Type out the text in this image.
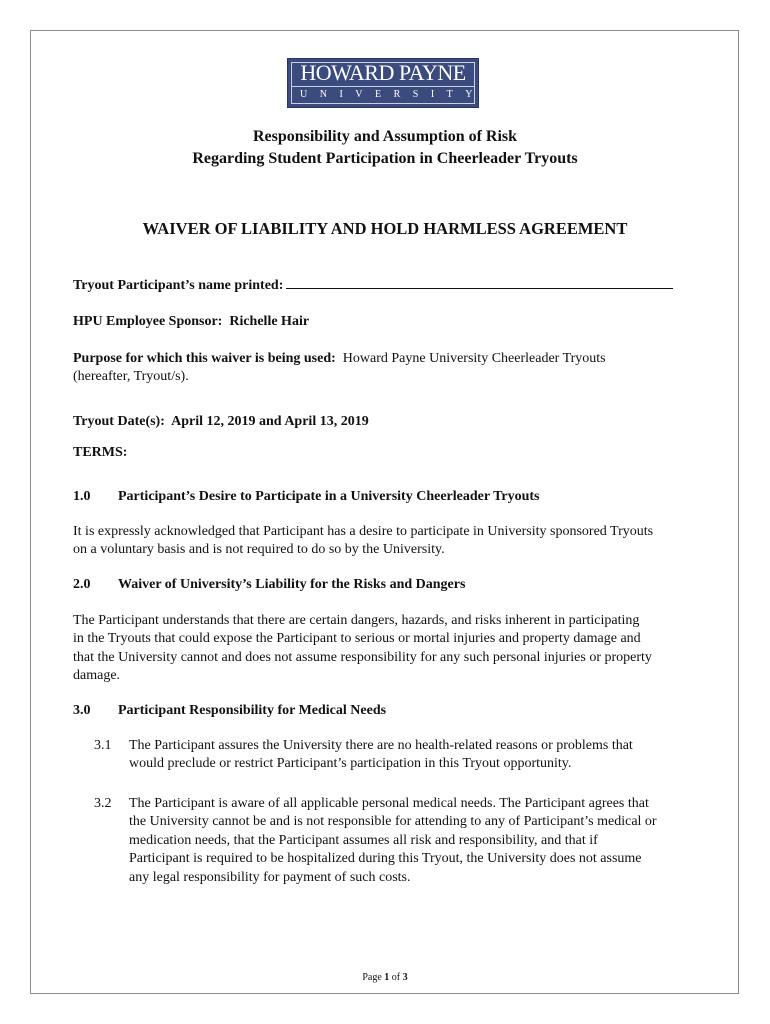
HOWARD PAYNE
UNIVERSITY
Responsibility and Assumption of Risk
Regarding Student Participation in Cheerleader Tryouts
WAIVER OF LIABILITY AND HOLD HARMLESS AGREEMENT
Tryout Participant’s name printed:
HPU Employee Sponsor: Richelle Hair
Purpose for which this waiver is being used: Howard Payne University Cheerleader Tryouts
(hereafter, Tryout/s).
Tryout Date(s): April 12, 2019 and April 13, 2019
TERMS:
1.0 Participant’s Desire to Participate in a University Cheerleader Tryouts
It is expressly acknowledged that Participant has a desire to participate in University sponsored Tryouts
on a voluntary basis and is not required to do so by the University.
2.0 Waiver of University’s Liability for the Risks and Dangers
The Participant understands that there are certain dangers, hazards, and risks inherent in participating
in the Tryouts that could expose the Participant to serious or mortal injuries and property damage and
that the University cannot and does not assume responsibility for any such personal injuries or property
damage.
3.0 Participant Responsibility for Medical Needs
3.1 The Participant assures the University there are no health-related reasons or problems that
would preclude or restrict Participant’s participation in this Tryout opportunity.
3.2 The Participant is aware of all applicable personal medical needs. The Participant agrees that
the University cannot be and is not responsible for attending to any of Participant’s medical or
medication needs, that the Participant assumes all risk and responsibility, and that if
Participant is required to be hospitalized during this Tryout, the University does not assume
any legal responsibility for payment of such costs.
Page 1 of 3
